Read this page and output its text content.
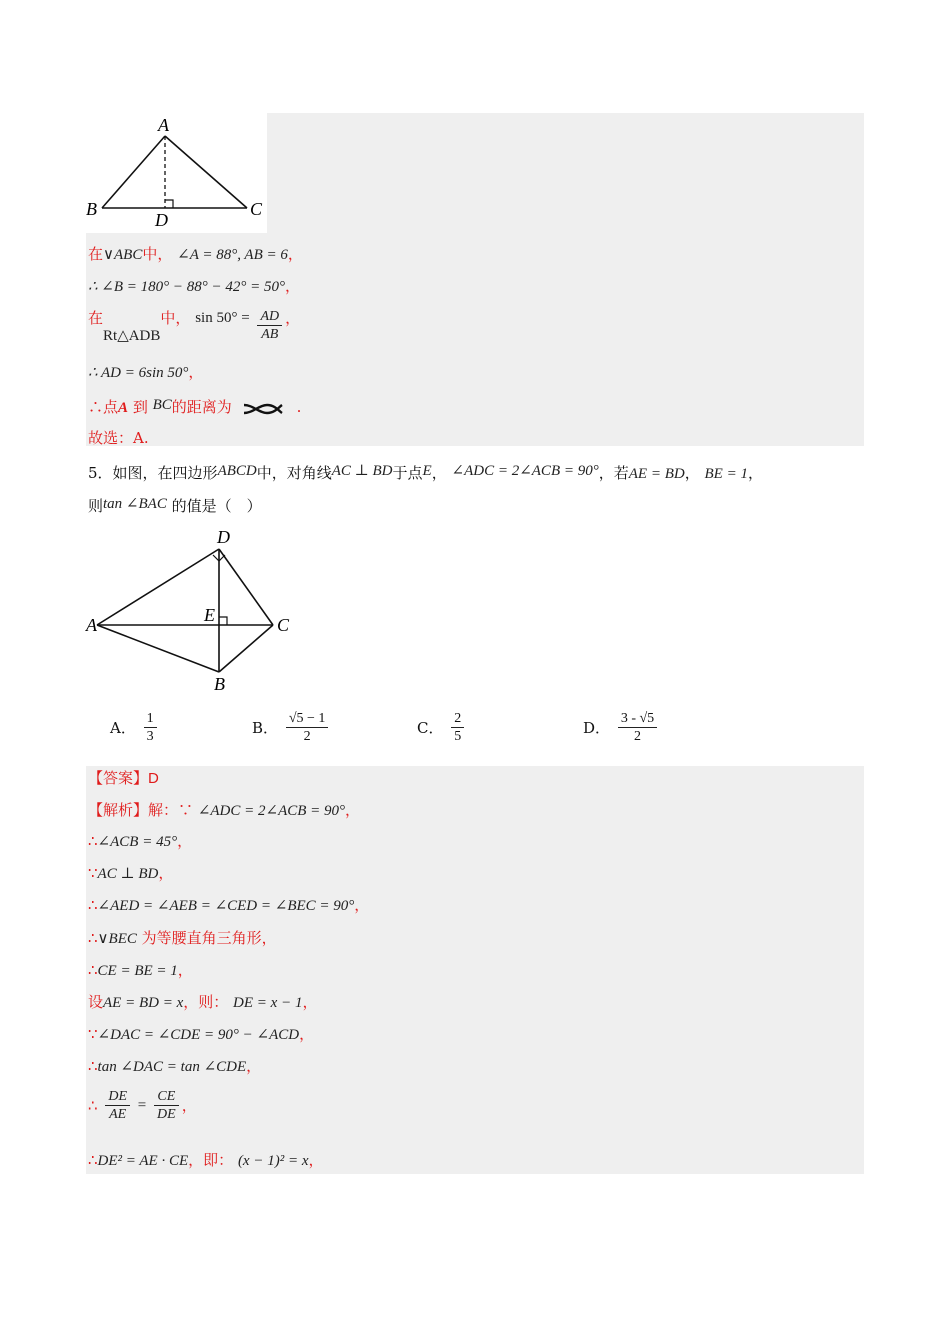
A
B	C
D
在∨ABC中， ∠A = 88°, AB = 6，
∴ ∠B = 180° − 88° − 42° = 50°，
在Rt△ADB中， $\sin 50^\circ = \frac{AD}{AB}$ ，
∴ AD = 6sin 50°，
∴点A 到 BC的距离为	.
故选：A.
5．如图，在四边形ABCD中，对角线AC ⊥ BD于点E， ∠ADC = 2∠ACB = 90°，若AE = BD， BE = 1，
则tan ∠BAC 的值是（　）
D
A	E	C
B
A． $\frac{1}{3}$	B． $\frac{√5 - 1}{2}$	C． $\frac{2}{5}$	D． $\frac{3 - √5}{2}$
【答案】D
【解析】解：∵ ∠ADC = 2∠ACB = 90°，
∴∠ACB = 45°，
∵AC ⊥ BD，
∴∠AED = ∠AEB = ∠CED = ∠BEC = 90°，
∴∨BEC 为等腰直角三角形，
∴CE = BE = 1，
设AE = BD = x，则： DE = x − 1，
∵∠DAC = ∠CDE = 90° − ∠ACD，
∴tan ∠DAC = tan ∠CDE，
∴ $\frac{DE}{AE} = \frac{CE}{DE}$ ，
∴DE² = AE · CE，即： (x − 1)² = x，
